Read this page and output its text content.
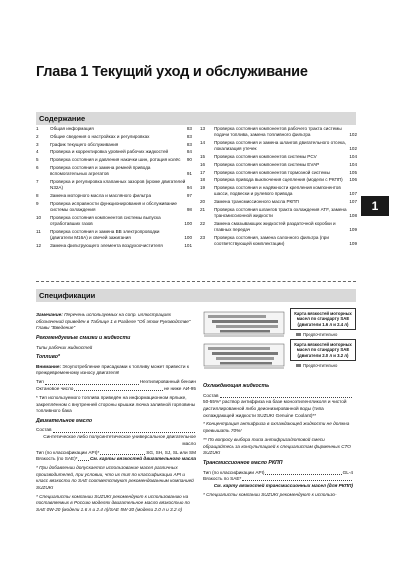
Глава 1 Текущий уход и обслуживание
Содержание
1	Общая информация	83
2	Общие сведения о настройках и регулировках	83
3	График текущего обслуживания	83
4	Проверка и корректировка уровней рабочих жидкостей	84
5	Проверка состояния и давления накачки шин, ротация колёс	90
6	Проверка состояния и замена ремней привода вспомогательных агрегатов	91
7	Проверка и регулировка клапанных зазоров (кроме двигателей N32A)	94
8	Замена моторного масла и масляного фильтра	97
9	Проверка исправности функционирования и обслуживание системы охлаждения	98
10	Проверка состояния компонентов системы выпуска отработавших газов	100
11	Проверка состояния и замена ВВ электропроводки (двигатели M16A) и свечей зажигания	100
12	Замена фильтрующего элемента воздухоочистителя	101
13	Проверка состояния компонентов рабочего тракта системы подачи топлива, замена топливного фильтра	102
14	Проверка состояния и замена шлангов двигательного отсека, локализация утечек	102
15	Проверка состояния компонентов системы PCV	104
16	Проверка состояния компонентов системы EVAP	104
17	Проверка состояния компонентов тормозной системы	105
18	Проверка привода выключения сцепления (модели с РКПП)	106
19	Проверка состояния и надёжности крепления компонентов шасси, подвески и рулевого привода	107
20	Замена трансмиссионного масла РКПП	107
21	Проверка состояния шлангов тракта охлаждения ATF, замена трансмиссионной жидкости	108
22	Замена смазывающих жидкостей раздаточной коробки и главных передач	109
23	Проверка состояния, замена салонного фильтра (при соответствующей комплектации)	109
1
Спецификации

Замечание: Перечень используемых на сопр. иллюстрациях обозначений приведён в Таблице 1 в Разделе "Об этом Руководстве" Главы "Введение"

Рекомендуемые смазки и жидкости

Типы рабочих жидкостей

Топливо*

Внимание: Эгоупотребление присадками к топливу может привести к преждевременному износу двигателя!

Тип	Неэтилированный бензин
Октановое число	не ниже АИ-95

* Тип используемого топлива приведён на информационном ярлыке, закреплённом с внутренней стороны крышки лючка заливной горловины топливного бака

Двигательное масло
Состав

Синтетическое либо полусинтетическое универсальное двигательное масло

Тип (по классификации API)*	SG, SH, SJ, SL или SM
Вязкость (по SAE)*	См. карты вязкостей двигательного масла

* При добавлении допускается использование масел различных производителей, при условии, что их тип по классификации API и класс вязкости по SAE соответствуют рекомендованным компанией SUZUKI

* Специалисты компании SUZUKI рекомендуют к использованию на поставляемых в Россию моделях двигательное масло вязкостью по SAE 0W-20 (модели 1.6 л и 2.4 л)/SAE 5W-30 (модели 2.0 л и 3.2 л)

Карта вязкостей моторных масел по стандарту SAE (двигатели 1.6 л и 2.4 л)
Предпочтительно
Карта вязкостей моторных масел по стандарту SAE (двигатели 2.0 л и 3.2 л)
Предпочтительно
Охлаждающая жидкость
Состав

50-55%* раствор антифриза на базе моноэтиленгликоля и чистой дистиллированной либо деионизированной воды (типа охлаждающей жидкости SUZUKI Genuine Coolant)**

* Концентрация антифриза в охлаждающей жидкости не должна превышать 70%!

** По вопросу выбора типа антифриза/готовой смеси обращайтесь за консультацией к специалистам фирменных СТО SUZUKI

Трансмиссионное масло РКПП
Тип (по классификации API)	GL-4
Вязкость по SAE*

См. карту вязкостей трансмиссионных масел (для РКПП)

* Специалисты компании SUZUKI рекомендуют к использо-
